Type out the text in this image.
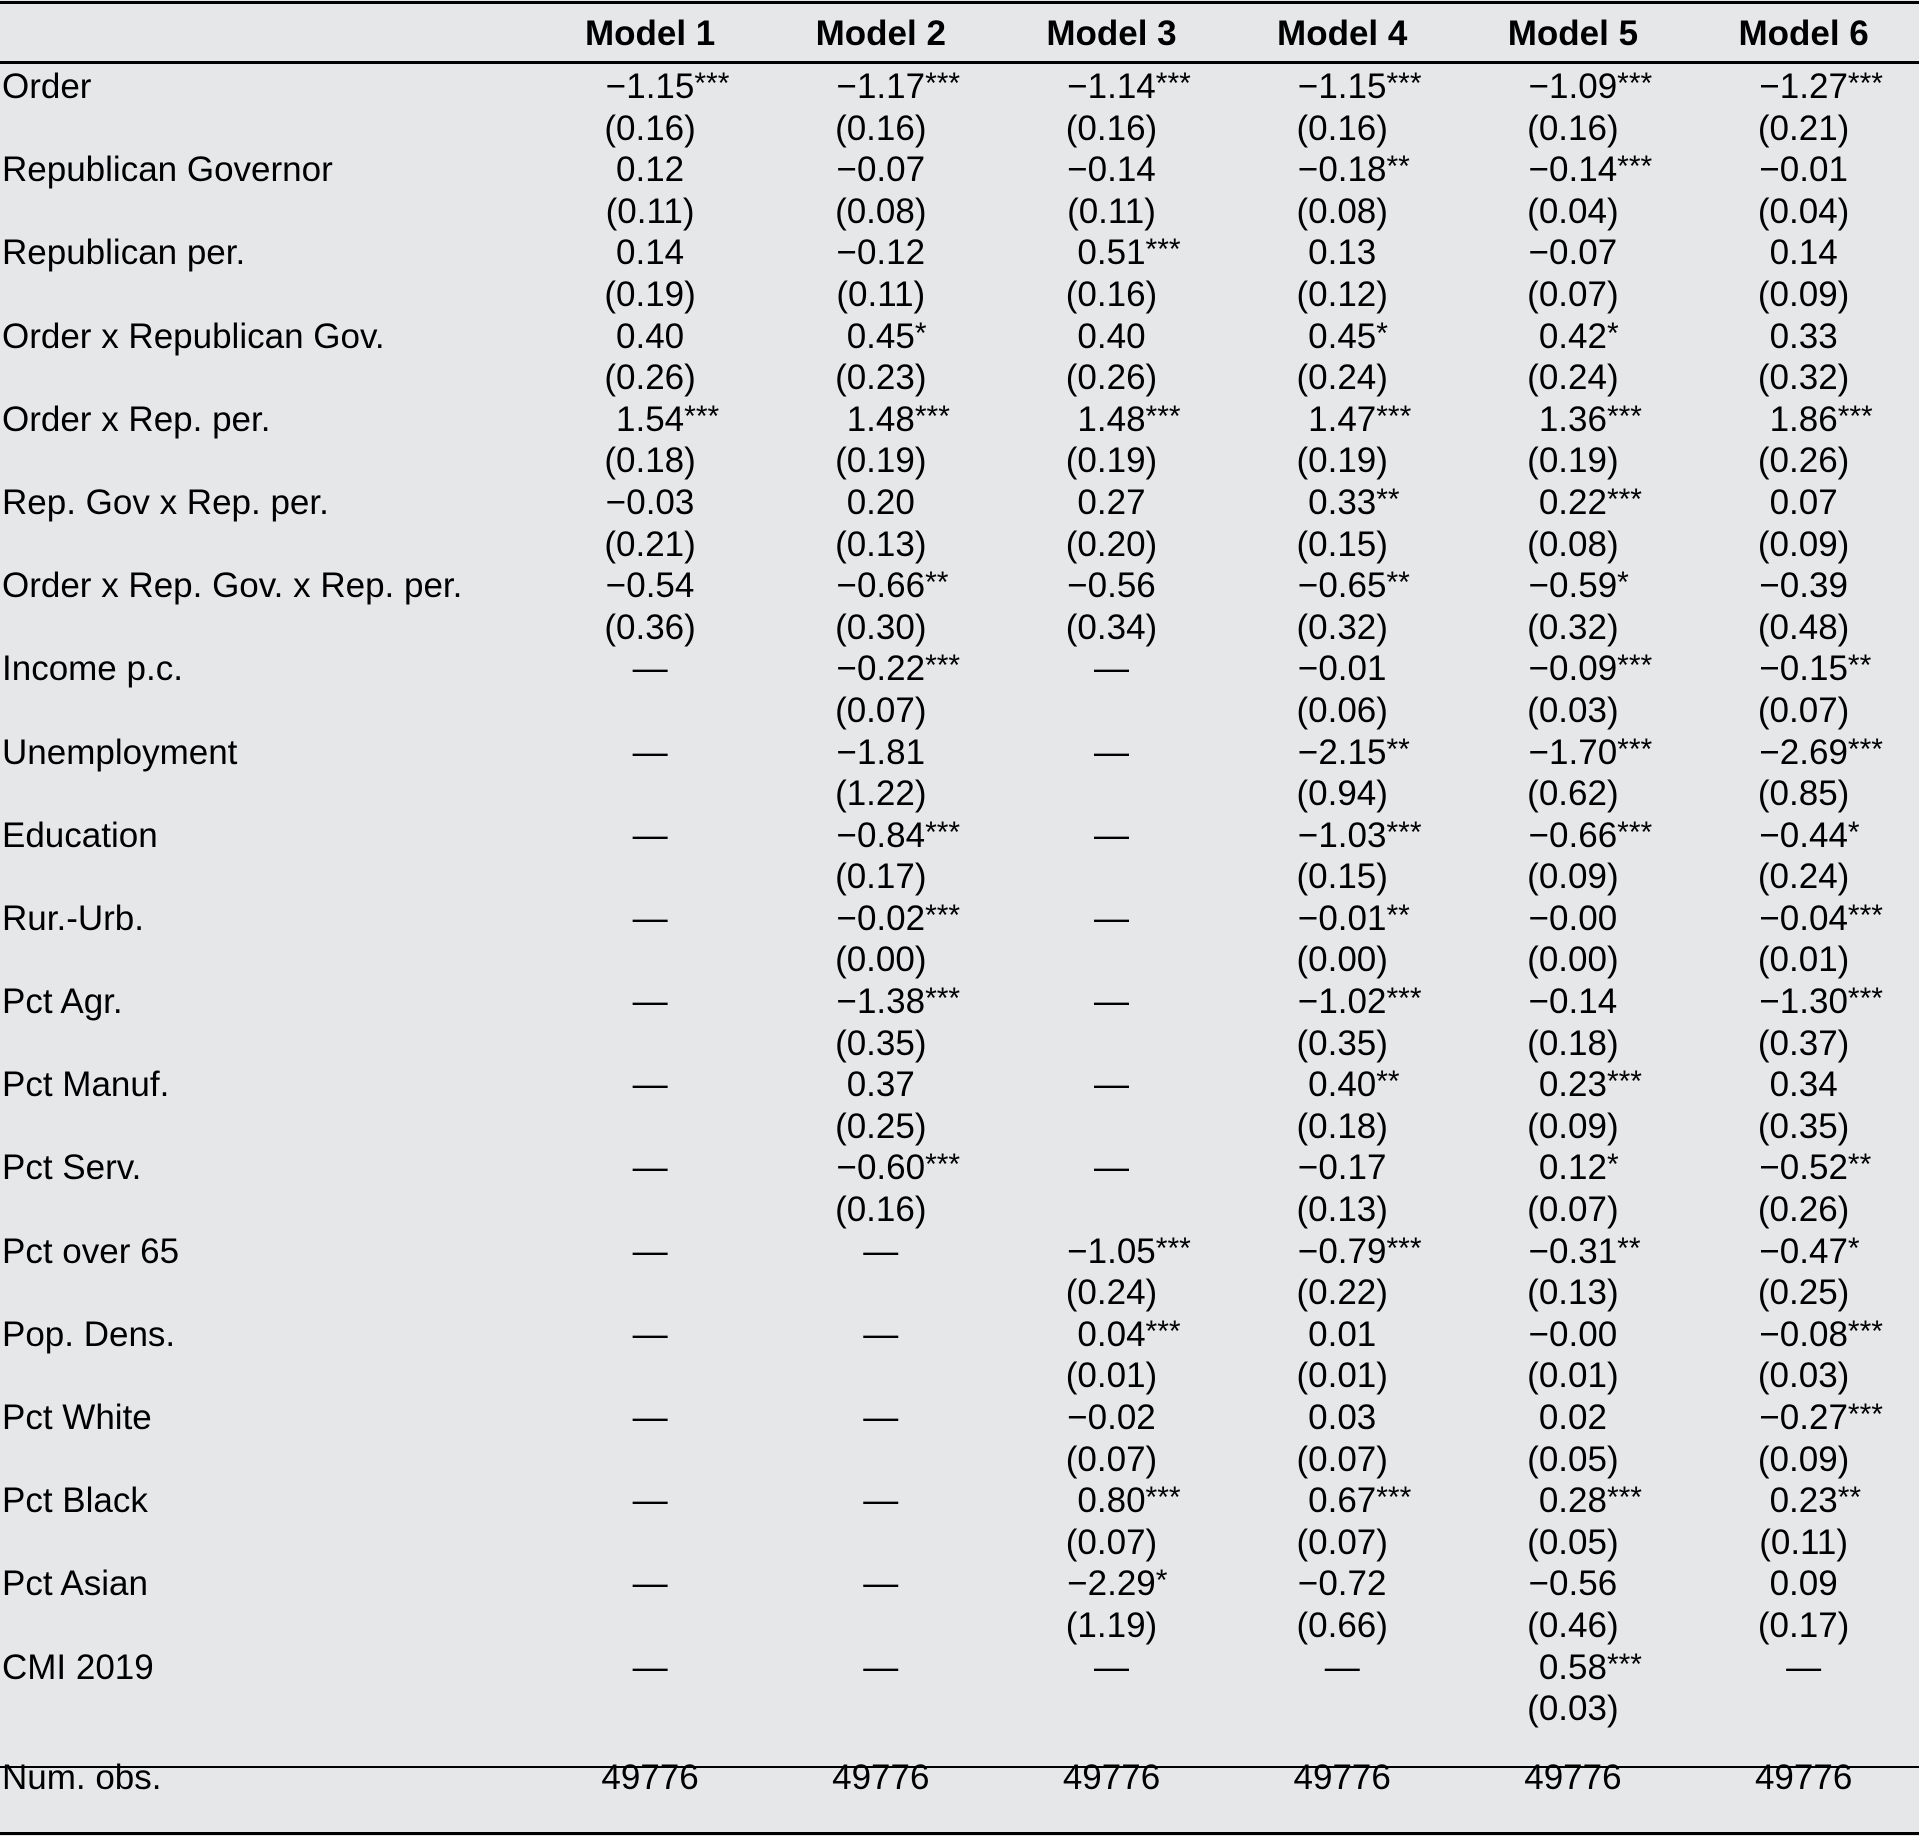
	Model 1	Model 2	Model 3	Model 4	Model 5	Model 6
Order	−1.15 ***	−1.17 ***	−1.14 ***	−1.15 ***	−1.09 ***	−1.27 ***

	(0.16)	(0.16)	(0.16)	(0.16)	(0.16)	(0.21)
Republican Governor	0.12	−0.07	−0.14	−0.18 **	−0.14 ***	−0.01

	(0.11)	(0.08)	(0.11)	(0.08)	(0.04)	(0.04)
Republican per.	0.14	−0.12	0.51 ***	0.13	−0.07	0.14

	(0.19)	(0.11)	(0.16)	(0.12)	(0.07)	(0.09)
Order x Republican Gov.	0.40	0.45 *	0.40	0.45 *	0.42 *	0.33

	(0.26)	(0.23)	(0.26)	(0.24)	(0.24)	(0.32)
Order x Rep. per.	1.54 ***	1.48 ***	1.48 ***	1.47 ***	1.36 ***	1.86 ***

	(0.18)	(0.19)	(0.19)	(0.19)	(0.19)	(0.26)
Rep. Gov x Rep. per.	−0.03	0.20	0.27	0.33 **	0.22 ***	0.07

	(0.21)	(0.13)	(0.20)	(0.15)	(0.08)	(0.09)
Order x Rep. Gov. x Rep. per.	−0.54	−0.66 **	−0.56	−0.65 **	−0.59 *	−0.39

	(0.36)	(0.30)	(0.34)	(0.32)	(0.32)	(0.48)
Income p.c.	—	−0.22 ***	—	−0.01	−0.09 ***	−0.15 **

		(0.07)		(0.06)	(0.03)	(0.07)
Unemployment	—	−1.81	—	−2.15 **	−1.70 ***	−2.69 ***

		(1.22)		(0.94)	(0.62)	(0.85)
Education	—	−0.84 ***	—	−1.03 ***	−0.66 ***	−0.44 *

		(0.17)		(0.15)	(0.09)	(0.24)
Rur.-Urb.	—	−0.02 ***	—	−0.01 **	−0.00	−0.04 ***

		(0.00)		(0.00)	(0.00)	(0.01)
Pct Agr.	—	−1.38 ***	—	−1.02 ***	−0.14	−1.30 ***

		(0.35)		(0.35)	(0.18)	(0.37)
Pct Manuf.	—	0.37	—	0.40 **	0.23 ***	0.34

		(0.25)		(0.18)	(0.09)	(0.35)
Pct Serv.	—	−0.60 ***	—	−0.17	0.12 *	−0.52 **

		(0.16)		(0.13)	(0.07)	(0.26)
Pct over 65	—	—	−1.05 ***	−0.79 ***	−0.31 **	−0.47 *

			(0.24)	(0.22)	(0.13)	(0.25)
Pop. Dens.	—	—	0.04 ***	0.01	−0.00	−0.08 ***

			(0.01)	(0.01)	(0.01)	(0.03)
Pct White	—	—	−0.02	0.03	0.02	−0.27 ***

			(0.07)	(0.07)	(0.05)	(0.09)
Pct Black	—	—	0.80 ***	0.67 ***	0.28 ***	0.23 **

			(0.07)	(0.07)	(0.05)	(0.11)
Pct Asian	—	—	−2.29 *	−0.72	−0.56	0.09

			(1.19)	(0.66)	(0.46)	(0.17)
CMI 2019	—	—	—	—	0.58 ***	—

					(0.03)	

Num. obs.	49776	49776	49776	49776	49776	49776
